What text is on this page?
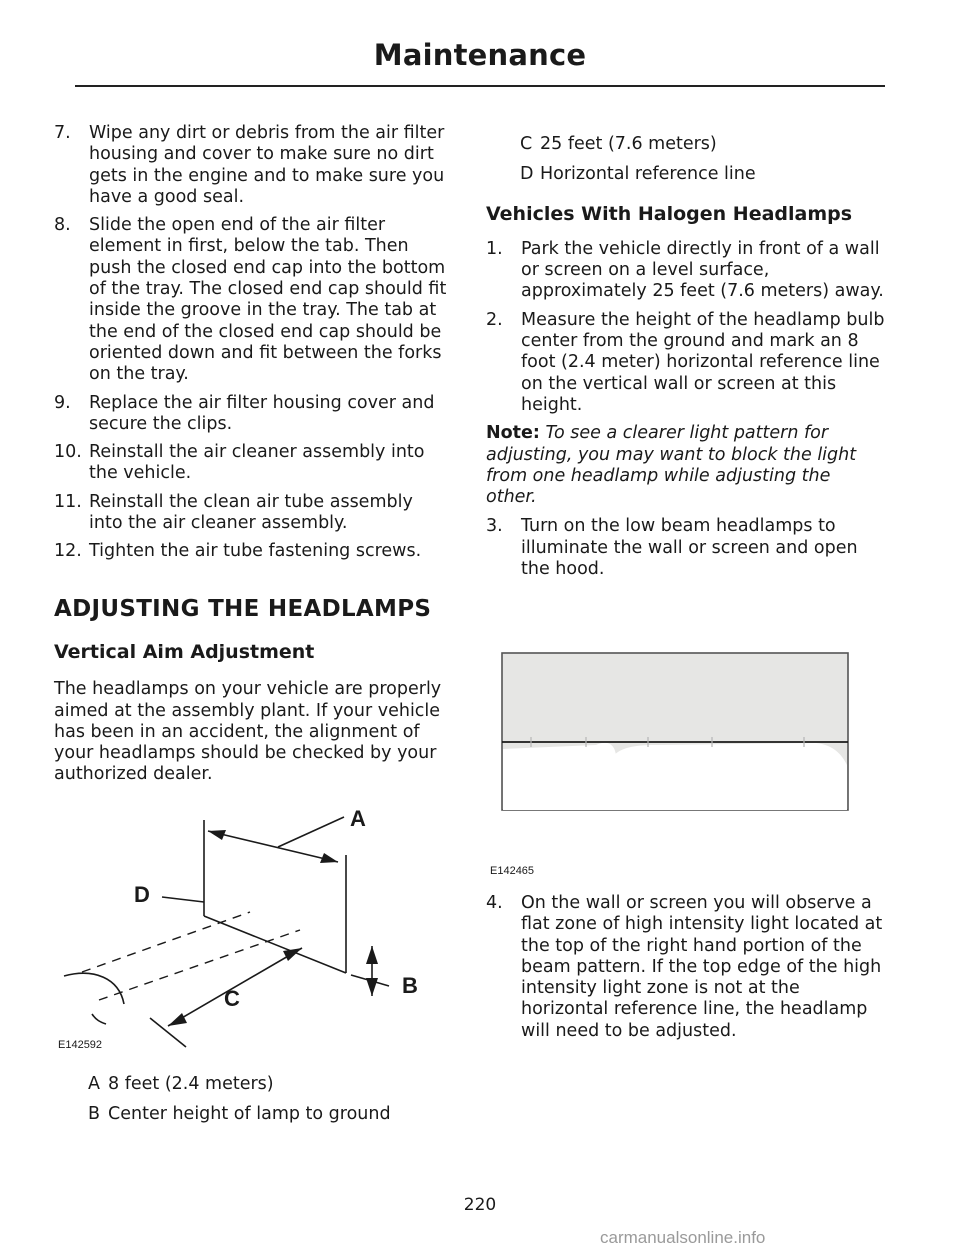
Maintenance
7. Wipe any dirt or debris from the air filter housing and cover to make sure no dirt gets in the engine and to make sure you have a good seal.
8. Slide the open end of the air filter element in first, below the tab. Then push the closed end cap into the bottom of the tray. The closed end cap should fit inside the groove in the tray. The tab at the end of the closed end cap should be oriented down and fit between the forks on the tray.
9. Replace the air filter housing cover and secure the clips.
10. Reinstall the air cleaner assembly into the vehicle.
11. Reinstall the clean air tube assembly into the air cleaner assembly.
12. Tighten the air tube fastening screws.
ADJUSTING THE HEADLAMPS
Vertical Aim Adjustment
The headlamps on your vehicle are properly aimed at the assembly plant. If your vehicle has been in an accident, the alignment of your headlamps should be checked by your authorized dealer.
A
B
C
D
E142592
A 8 feet (2.4 meters)
B Center height of lamp to ground
C 25 feet (7.6 meters)
D Horizontal reference line
Vehicles With Halogen Headlamps
1. Park the vehicle directly in front of a wall or screen on a level surface, approximately 25 feet (7.6 meters) away.
2. Measure the height of the headlamp bulb center from the ground and mark an 8 foot (2.4 meter) horizontal reference line on the vertical wall or screen at this height.
Note: To see a clearer light pattern for adjusting, you may want to block the light from one headlamp while adjusting the other.
3. Turn on the low beam headlamps to illuminate the wall or screen and open the hood.
E142465
4. On the wall or screen you will observe a flat zone of high intensity light located at the top of the right hand portion of the beam pattern. If the top edge of the high intensity light zone is not at the horizontal reference line, the headlamp will need to be adjusted.
220
carmanualsonline.info
